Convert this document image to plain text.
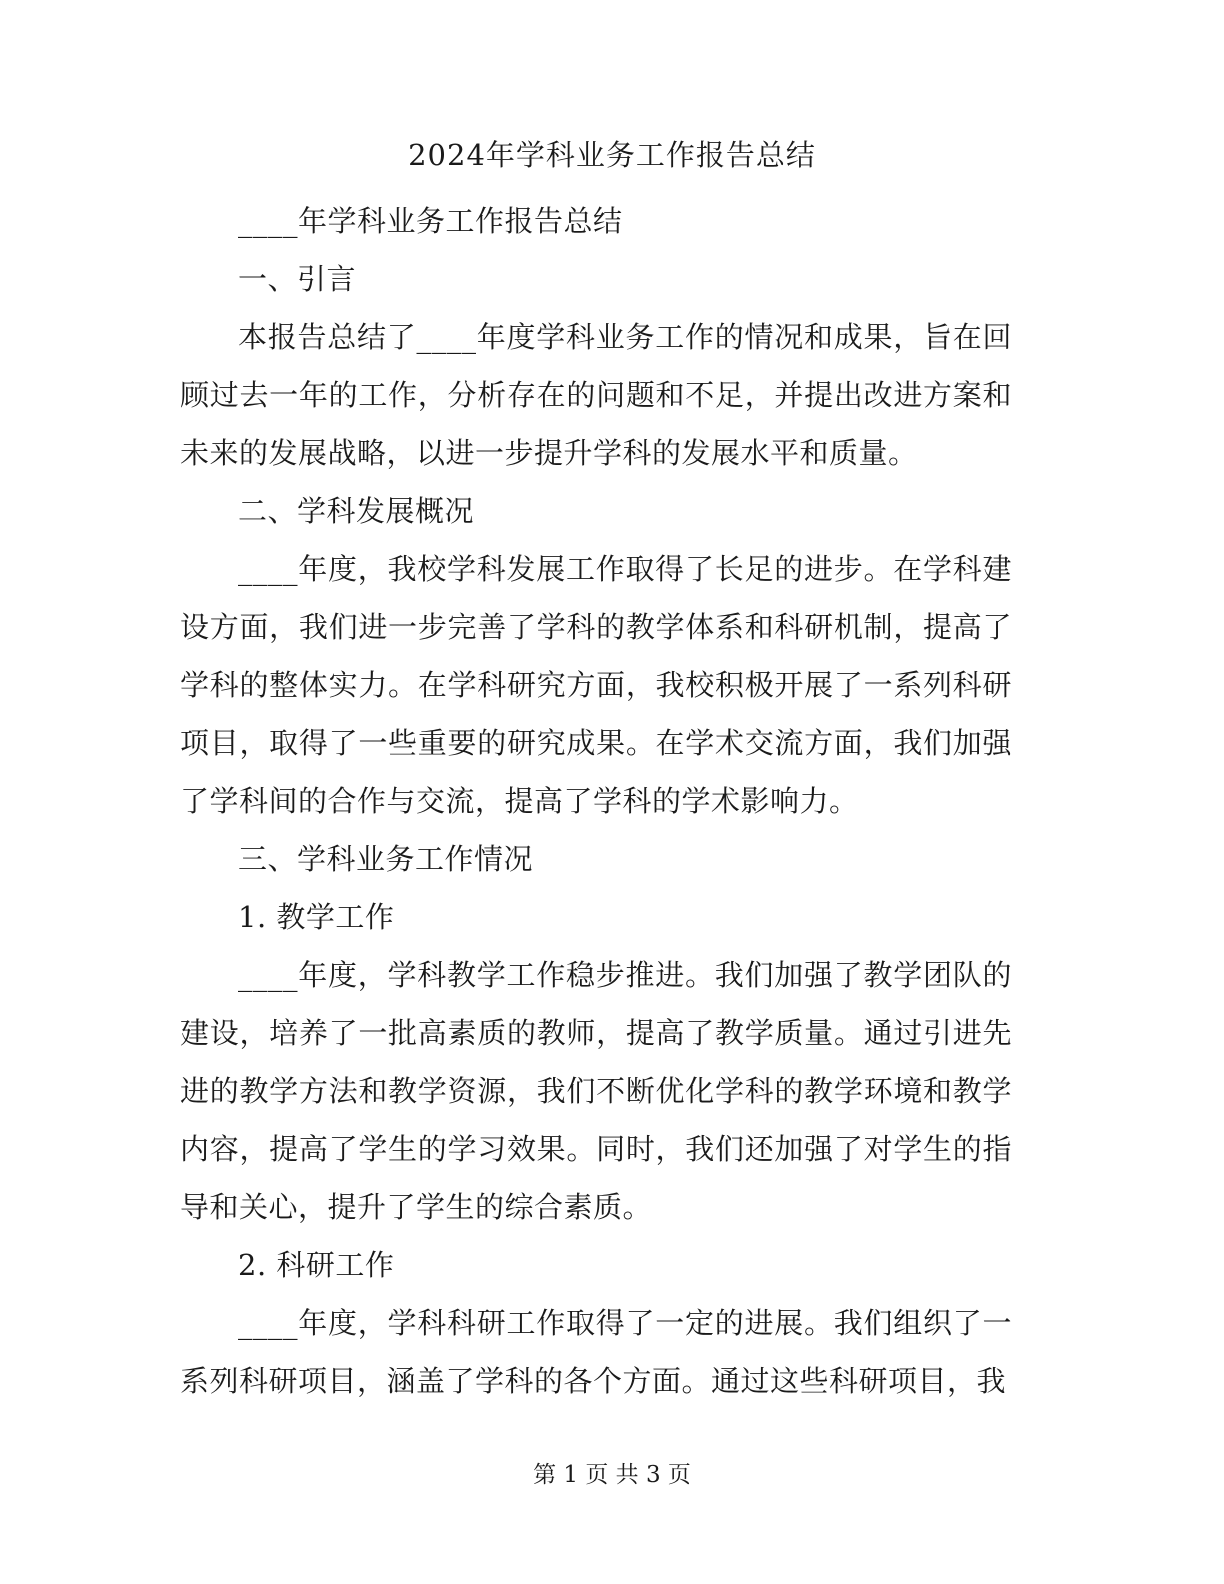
2024年学科业务工作报告总结

____年学科业务工作报告总结

一、引言

本报告总结了____年度学科业务工作的情况和成果，旨在回顾过去一年的工作，分析存在的问题和不足，并提出改进方案和未来的发展战略，以进一步提升学科的发展水平和质量。

二、学科发展概况

____年度，我校学科发展工作取得了长足的进步。在学科建设方面，我们进一步完善了学科的教学体系和科研机制，提高了学科的整体实力。在学科研究方面，我校积极开展了一系列科研项目，取得了一些重要的研究成果。在学术交流方面，我们加强了学科间的合作与交流，提高了学科的学术影响力。

三、学科业务工作情况

1. 教学工作

____年度，学科教学工作稳步推进。我们加强了教学团队的建设，培养了一批高素质的教师，提高了教学质量。通过引进先进的教学方法和教学资源，我们不断优化学科的教学环境和教学内容，提高了学生的学习效果。同时，我们还加强了对学生的指导和关心，提升了学生的综合素质。

2. 科研工作

____年度，学科科研工作取得了一定的进展。我们组织了一系列科研项目，涵盖了学科的各个方面。通过这些科研项目，我

第 1 页 共 3 页
